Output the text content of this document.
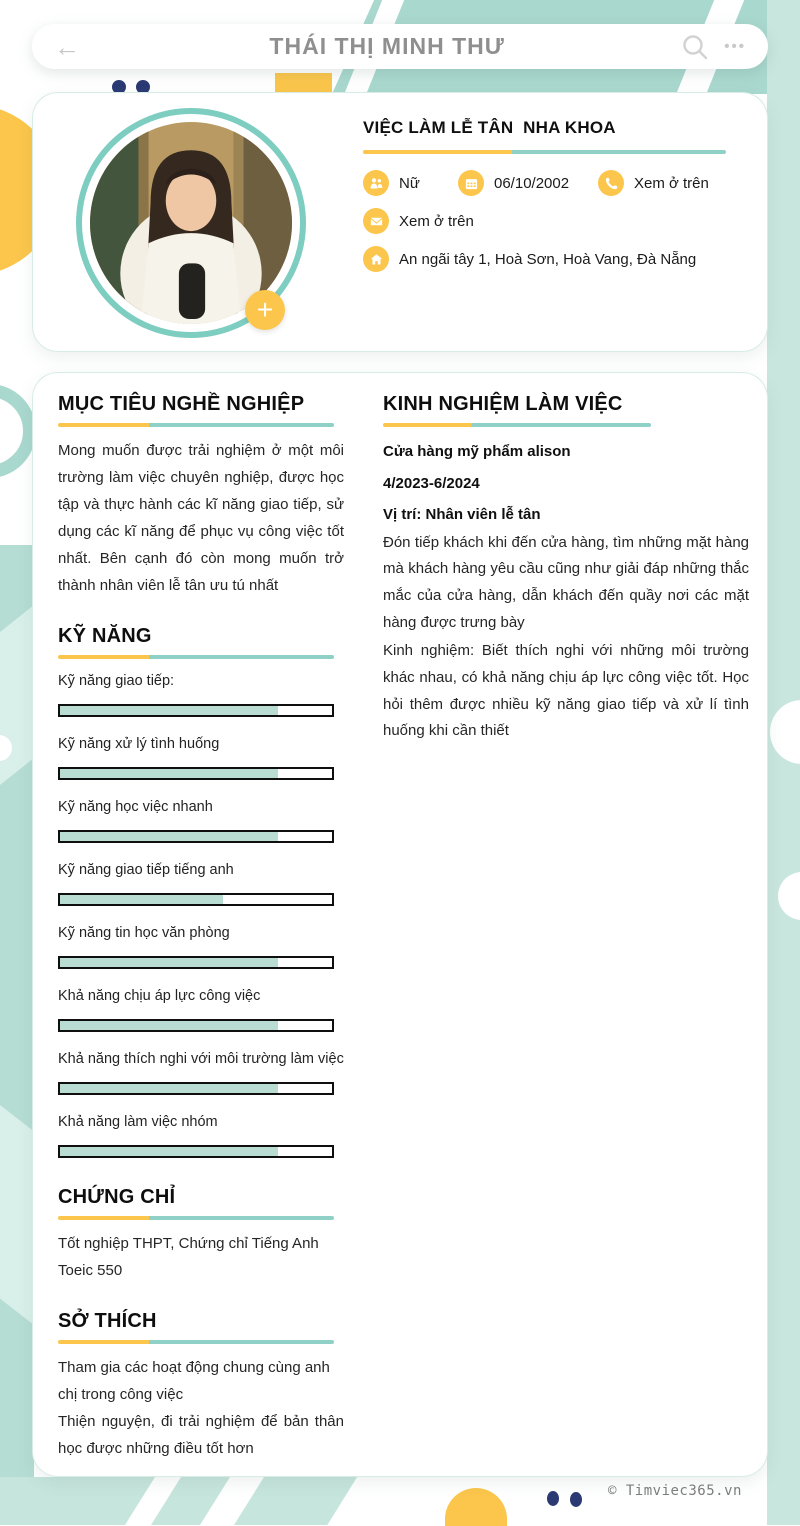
←	THÁI THỊ MINH THƯ	•••
+
VIỆC LÀM LỄ TÂN  NHA KHOA
Nữ	06/10/2002	Xem ở trên
Xem ở trên
An ngãi tây 1, Hoà Sơn, Hoà Vang, Đà Nẵng
MỤC TIÊU NGHỀ NGHIỆP

Mong muốn được trải nghiệm ở một môi trường làm việc chuyên nghiệp, được học tập và thực hành các kĩ năng giao tiếp, sử dụng các kĩ năng để phục vụ công việc tốt nhất. Bên cạnh đó còn mong muốn trở thành nhân viên lễ tân ưu tú nhất

KỸ NĂNG
Kỹ năng giao tiếp:
Kỹ năng xử lý tình huống
Kỹ năng học việc nhanh
Kỹ năng giao tiếp tiếng anh
Kỹ năng tin học văn phòng
Khả năng chịu áp lực công việc
Khả năng thích nghi với môi trường làm việc
Khả năng làm việc nhóm
CHỨNG CHỈ

Tốt nghiệp THPT, Chứng chỉ Tiếng Anh Toeic 550

SỞ THÍCH

Tham gia các hoạt động chung cùng anh chị trong công việc

Thiện nguyện, đi trải nghiệm để bản thân học được những điều tốt hơn

KINH NGHIỆM LÀM VIỆC
Cửa hàng mỹ phẩm alison
4/2023-6/2024
Vị trí: Nhân viên lễ tân

Đón tiếp khách khi đến cửa hàng, tìm những mặt hàng mà khách hàng yêu cầu cũng như giải đáp những thắc mắc của cửa hàng, dẫn khách đến quầy nơi các mặt hàng được trưng bày

Kinh nghiệm: Biết thích nghi với những môi trường khác nhau, có khả năng chịu áp lực công việc tốt. Học hỏi thêm được nhiều kỹ năng giao tiếp và xử lí tình huống khi cần thiết

© Timviec365.vn
